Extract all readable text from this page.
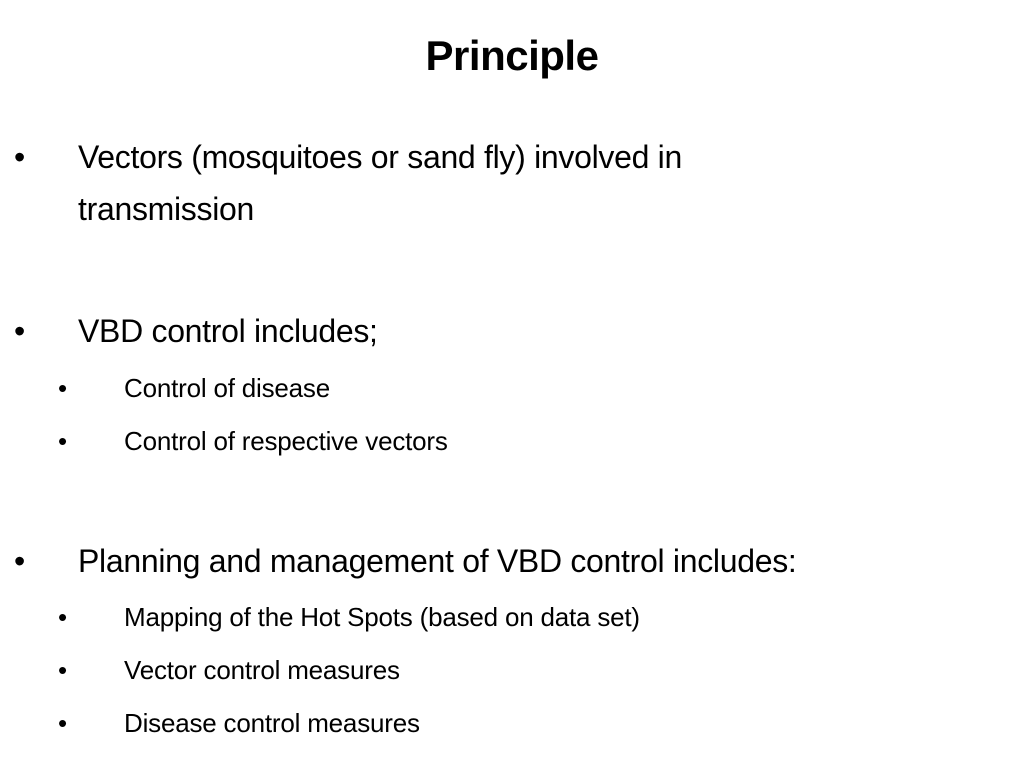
Principle
• Vectors (mosquitoes or sand fly) involved in
transmission
• VBD control includes;
• Control of disease
• Control of respective vectors
• Planning and management of VBD control includes:
• Mapping of the Hot Spots (based on data set)
• Vector control measures
• Disease control measures
